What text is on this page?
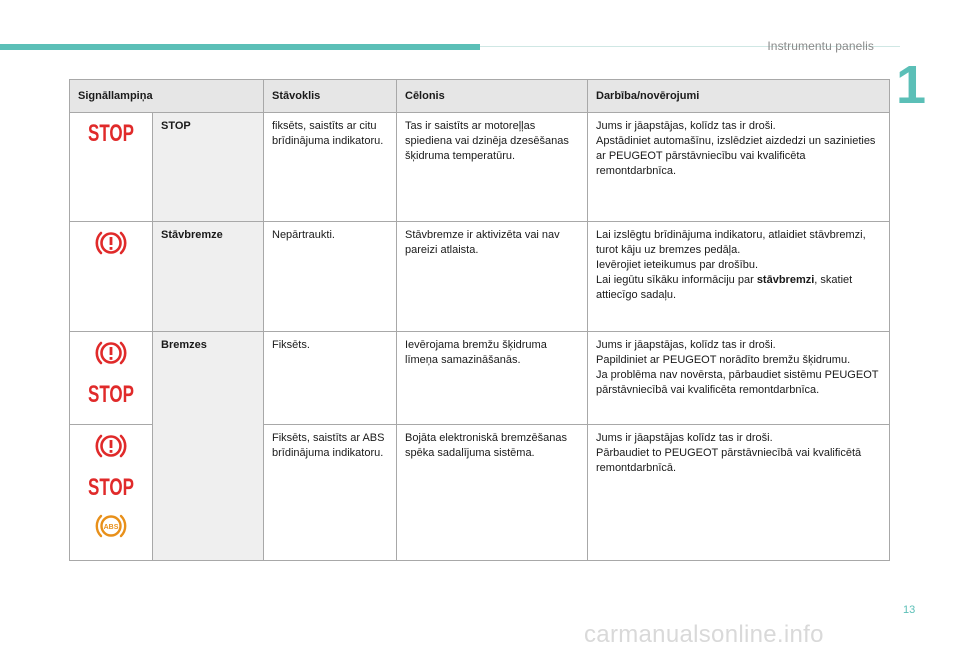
Instrumentu panelis
1
Signāllampiņa		Stāvoklis	Cēlonis	Darbība/novērojumi

	STOP	fiksēts, saistīts ar citu brīdinājuma indikatoru.	Tas ir saistīts ar motoreļļas spiediena vai dzinēja dzesēšanas šķidruma temperatūru.	Jums ir jāapstājas, kolīdz tas ir droši.
Apstādiniet automašīnu, izslēdziet aizdedzi un sazinieties ar PEUGEOT pārstāvniecību vai kvalificēta remontdarbnīca.

	Stāvbremze	Nepārtraukti.	Stāvbremze ir aktivizēta vai nav pareizi atlaista.	Lai izslēgtu brīdinājuma indikatoru, atlaidiet stāvbremzi, turot kāju uz bremzes pedāļa.
Ievērojiet ieteikumus par drošību.
Lai iegūtu sīkāku informāciju par stāvbremzi, skatiet attiecīgo sadaļu.

	Bremzes	Fiksēts.	Ievērojama bremžu šķidruma līmeņa samazināšanās.	Jums ir jāapstājas, kolīdz tas ir droši.
Papildiniet ar PEUGEOT norādīto bremžu šķidrumu.
Ja problēma nav novērsta, pārbaudiet sistēmu PEUGEOT pārstāvniecībā vai kvalificēta remontdarbnīca.

	Fiksēts, saistīts ar ABS brīdinājuma indikatoru.	Bojāta elektroniskā bremzēšanas spēka sadalījuma sistēma.	Jums ir jāapstājas kolīdz tas ir droši.
Pārbaudiet to PEUGEOT pārstāvniecībā vai kvalificētā remontdarbnīcā.
13
carmanualsonline.info
